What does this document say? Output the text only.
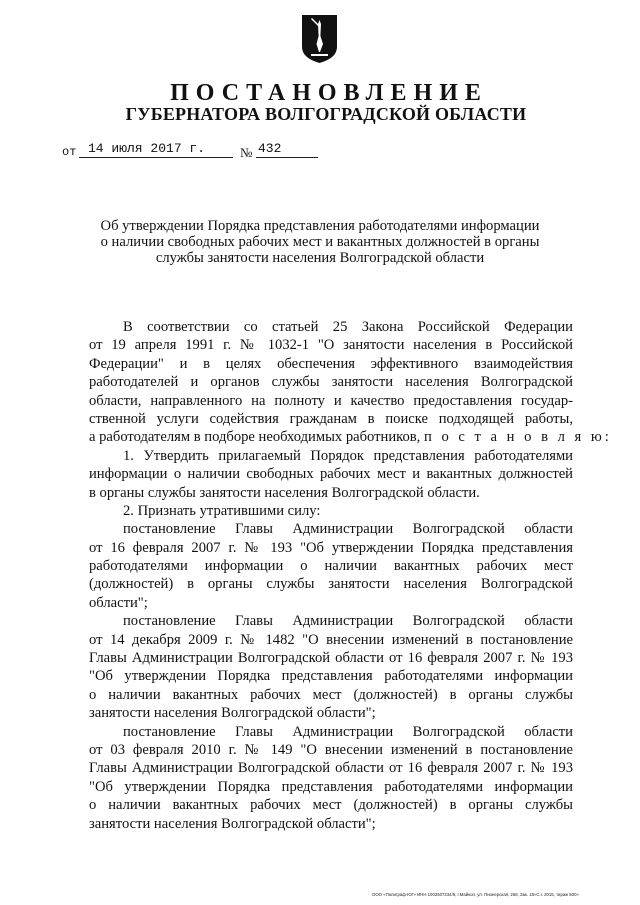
ПОСТАНОВЛЕНИЕ
ГУБЕРНАТОРА ВОЛГОГРАДСКОЙ ОБЛАСТИ
от 14 июля 2017 г.	№ 432
Об утверждении Порядка представления работодателями информации
о наличии свободных рабочих мест и вакантных должностей в органы
службы занятости населения Волгоградской области
В соответствии со статьей 25 Закона Российской Федерации
от 19 апреля 1991 г. № 1032-1 "О занятости населения в Российской
Федерации" и в целях обеспечения эффективного взаимодействия
работодателей и органов службы занятости населения Волгоградской
области, направленного на полноту и качество предоставления государ-
ственной услуги содействия гражданам в поиске подходящей работы,
а работодателям в подборе необходимых работников, п о с т а н о в л я ю:
1. Утвердить прилагаемый Порядок представления работодателями
информации о наличии свободных рабочих мест и вакантных должностей
в органы службы занятости населения Волгоградской области.
2. Признать утратившими силу:
постановление Главы Администрации Волгоградской области
от 16 февраля 2007 г. № 193 "Об утверждении Порядка представления
работодателями информации о наличии вакантных рабочих мест
(должностей) в органы службы занятости населения Волгоградской
области";
постановление Главы Администрации Волгоградской области
от 14 декабря 2009 г. № 1482 "О внесении изменений в постановление
Главы Администрации Волгоградской области от 16 февраля 2007 г. № 193
"Об утверждении Порядка представления работодателями информации
о наличии вакантных рабочих мест (должностей) в органы службы
занятости населения Волгоградской области";
постановление Главы Администрации Волгоградской области
от 03 февраля 2010 г. № 149 "О внесении изменений в постановление
Главы Администрации Волгоградской области от 16 февраля 2007 г. № 193
"Об утверждении Порядка представления работодателями информации
о наличии вакантных рабочих мест (должностей) в органы службы
занятости населения Волгоградской области";
ООО «Полиграф-ЮГ» ИНН 1002507234/9, г.Майкоп, ул. Пионерская, 268, Зак. 18»С.г. 2015, тираж 500»
